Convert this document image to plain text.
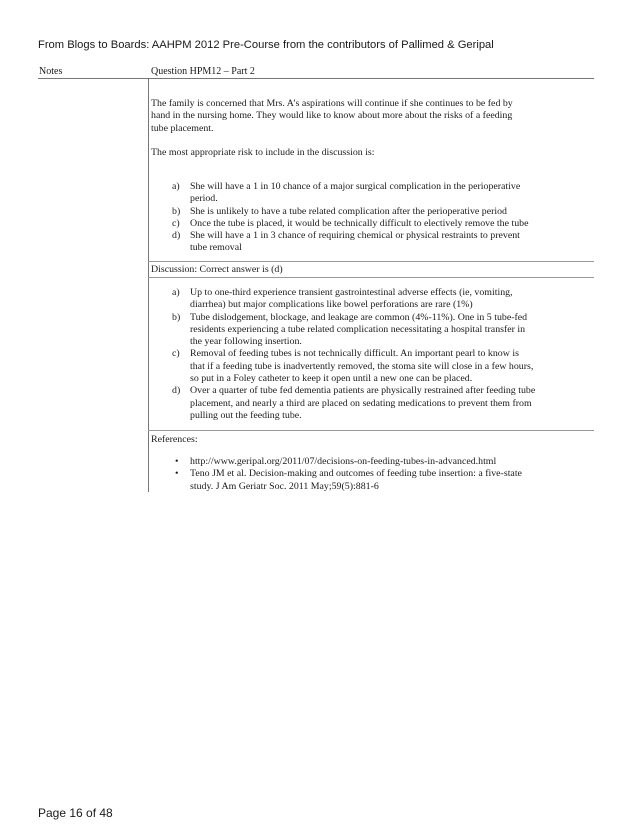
From Blogs to Boards: AAHPM 2012 Pre-Course from the contributors of Pallimed & Geripal
Notes	Question HPM12 – Part 2

The family is concerned that Mrs. A’s aspirations will continue if she continues to be fed by

hand in the nursing home. They would like to know about more about the risks of a feeding

tube placement.

The most appropriate risk to include in the discussion is:
a) She will have a 1 in 10 chance of a major surgical complication in the perioperative
period.
b) She is unlikely to have a tube related complication after the perioperative period
c) Once the tube is placed, it would be technically difficult to electively remove the tube
d) She will have a 1 in 3 chance of requiring chemical or physical restraints to prevent
tube removal
Discussion: Correct answer is (d)
a) Up to one-third experience transient gastrointestinal adverse effects (ie, vomiting,
diarrhea) but major complications like bowel perforations are rare (1%)
b) Tube dislodgement, blockage, and leakage are common (4%-11%). One in 5 tube-fed
residents experiencing a tube related complication necessitating a hospital transfer in
the year following insertion.
c) Removal of feeding tubes is not technically difficult. An important pearl to know is
that if a feeding tube is inadvertently removed, the stoma site will close in a few hours,
so put in a Foley catheter to keep it open until a new one can be placed.
d) Over a quarter of tube fed dementia patients are physically restrained after feeding tube
placement, and nearly a third are placed on sedating medications to prevent them from
pulling out the feeding tube.
References:
• http://www.geripal.org/2011/07/decisions-on-feeding-tubes-in-advanced.html
• Teno JM et al. Decision-making and outcomes of feeding tube insertion: a five-state
study. J Am Geriatr Soc. 2011 May;59(5):881-6
Page 16 of 48
